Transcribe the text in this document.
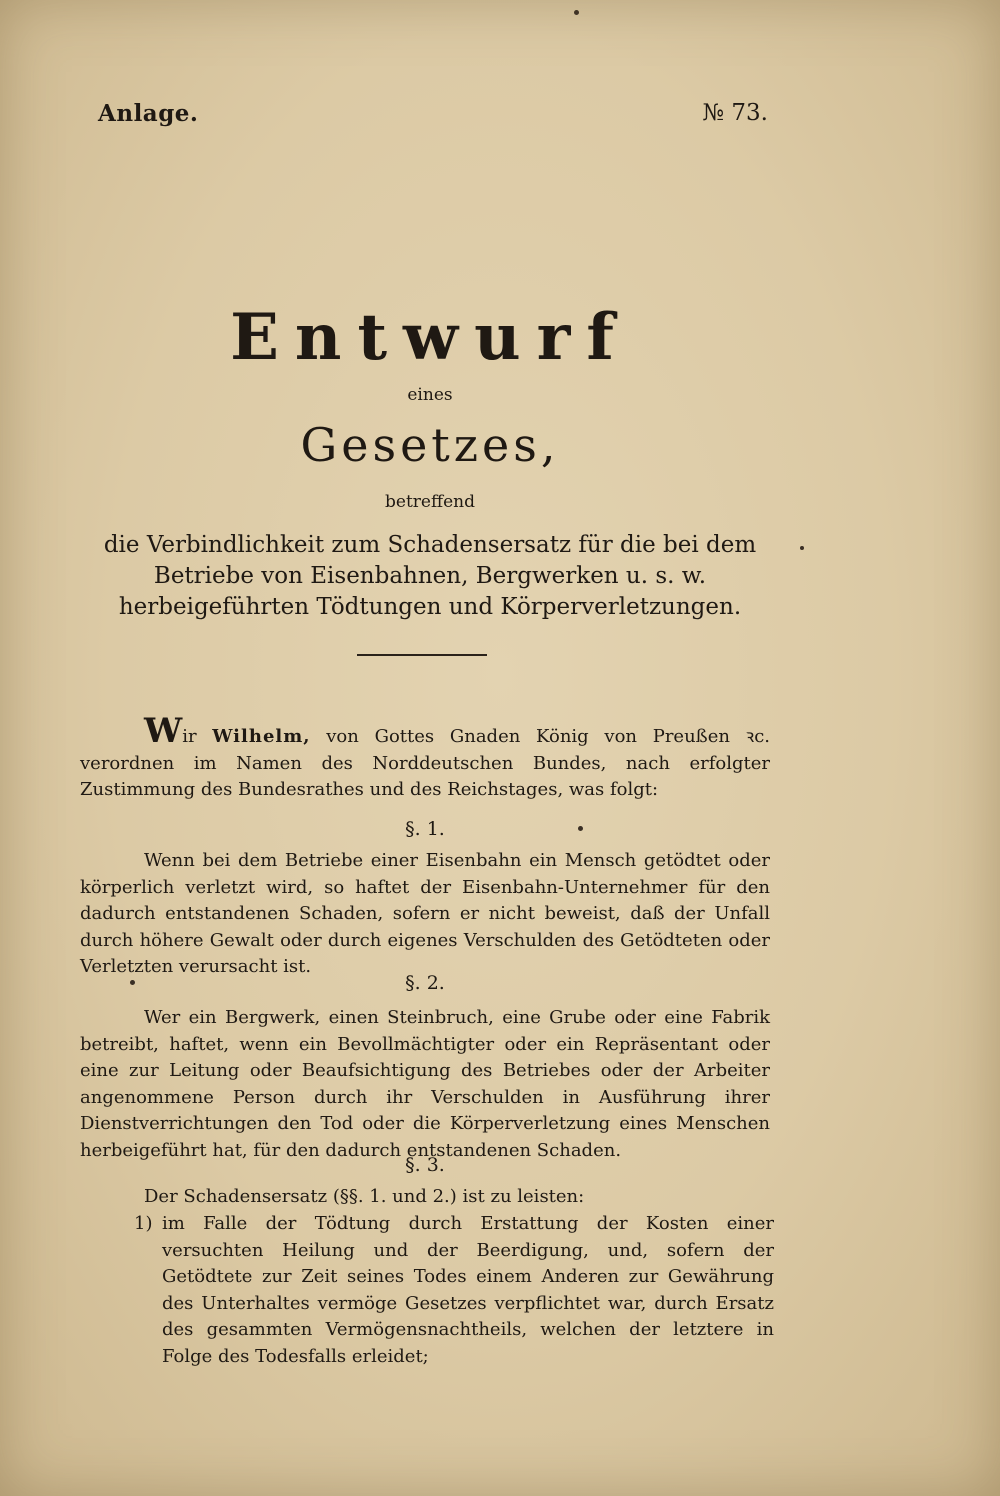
Anlage.	№ 73.
Entwurf
eines
Gesetzes,
betreffend
die Verbindlichkeit zum Schadensersatz für die bei dem Betriebe von Eisenbahnen, Bergwerken u. s. w. herbeigeführten Tödtungen und Körperverletzungen.
Wir Wilhelm, von Gottes Gnaden König von Preußen ꝛc. verordnen im Namen des Norddeutschen Bundes, nach erfolgter Zustimmung des Bundesrathes und des Reichstages, was folgt:
§. 1.
Wenn bei dem Betriebe einer Eisenbahn ein Mensch getödtet oder körperlich verletzt wird, so haftet der Eisenbahn-Unternehmer für den dadurch entstandenen Schaden, sofern er nicht beweist, daß der Unfall durch höhere Gewalt oder durch eigenes Verschulden des Getödteten oder Verletzten verursacht ist.
§. 2.
Wer ein Bergwerk, einen Steinbruch, eine Grube oder eine Fabrik betreibt, haftet, wenn ein Bevollmächtigter oder ein Repräsentant oder eine zur Leitung oder Beaufsichtigung des Betriebes oder der Arbeiter angenommene Person durch ihr Verschulden in Ausführung ihrer Dienstverrichtungen den Tod oder die Körperverletzung eines Menschen herbeigeführt hat, für den dadurch entstandenen Schaden.
§. 3.
Der Schadensersatz (§§. 1. und 2.) ist zu leisten:
1) im Falle der Tödtung durch Erstattung der Kosten einer versuchten Heilung und der Beerdigung, und, sofern der Getödtete zur Zeit seines Todes einem Anderen zur Gewährung des Unterhaltes vermöge Gesetzes verpflichtet war, durch Ersatz des gesammten Vermögensnachtheils, welchen der letztere in Folge des Todesfalls erleidet;
